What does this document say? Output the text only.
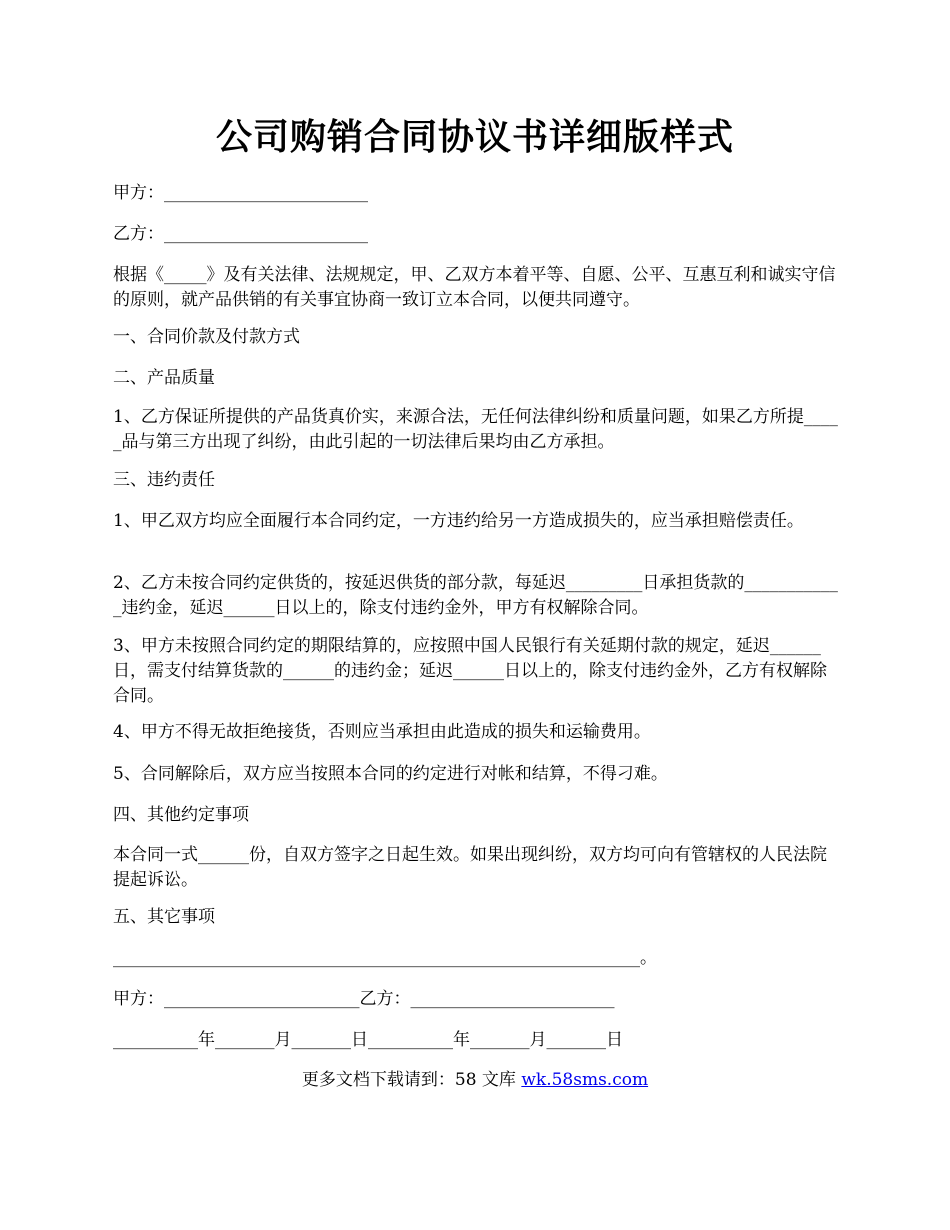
公司购销合同协议书详细版样式
甲方：________________________
乙方：________________________
根据《_____》及有关法律、法规规定，甲、乙双方本着平等、自愿、公平、互惠互利和诚实守信的原则，就产品供销的有关事宜协商一致订立本合同，以便共同遵守。
一、合同价款及付款方式
二、产品质量
1、乙方保证所提供的产品货真价实，来源合法，无任何法律纠纷和质量问题，如果乙方所提_____品与第三方出现了纠纷，由此引起的一切法律后果均由乙方承担。
三、违约责任
1、甲乙双方均应全面履行本合同约定，一方违约给另一方造成损失的，应当承担赔偿责任。
2、乙方未按合同约定供货的，按延迟供货的部分款，每延迟_________日承担货款的____________违约金，延迟______日以上的，除支付违约金外，甲方有权解除合同。
3、甲方未按照合同约定的期限结算的，应按照中国人民银行有关延期付款的规定，延迟______日，需支付结算货款的______的违约金；延迟______日以上的，除支付违约金外，乙方有权解除合同。
4、甲方不得无故拒绝接货，否则应当承担由此造成的损失和运输费用。
5、合同解除后，双方应当按照本合同的约定进行对帐和结算，不得刁难。
四、其他约定事项
本合同一式______份，自双方签字之日起生效。如果出现纠纷，双方均可向有管辖权的人民法院提起诉讼。
五、其它事项
______________________________________________________________。
甲方：_______________________乙方：________________________
__________年_______月_______日__________年_______月_______日
更多文档下载请到：58 文库 wk.58sms.com
